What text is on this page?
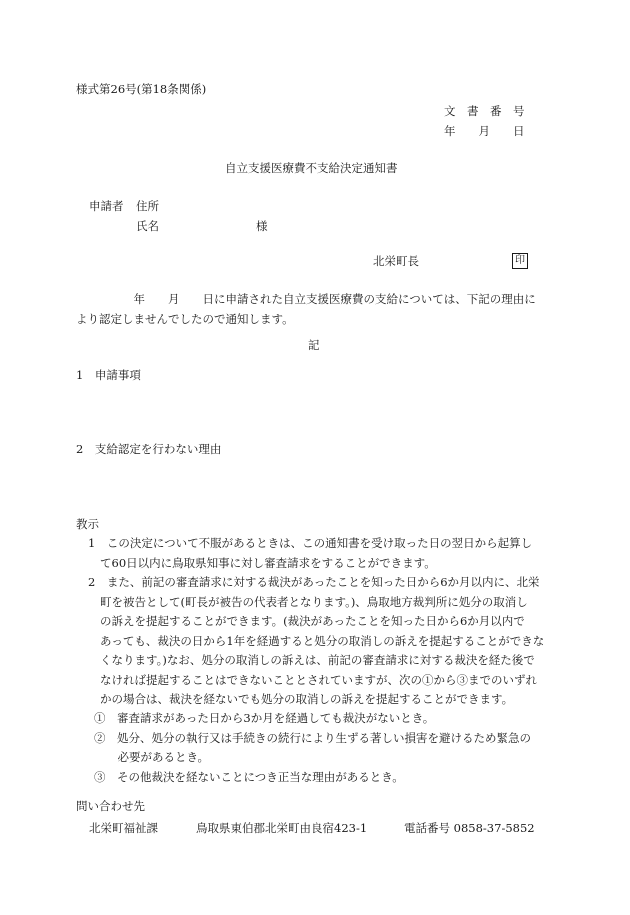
様式第26号(第18条関係)
文　書　番　号
年　　月　　日
自立支援医療費不支給決定通知書
申請者 住所
氏名	様
北栄町長	印
　　　　　年　　月　　日に申請された自立支援医療費の支給については、下記の理由に
より認定しませんでしたので通知します。
記
1　申請事項
2　支給認定を行わない理由
教示
1　この決定について不服があるときは、この通知書を受け取った日の翌日から起算し
て60日以内に鳥取県知事に対し審査請求をすることができます。
2　また、前記の審査請求に対する裁決があったことを知った日から6か月以内に、北栄
町を被告として(町長が被告の代表者となります。)、鳥取地方裁判所に処分の取消し
の訴えを提起することができます。(裁決があったことを知った日から6か月以内で
あっても、裁決の日から1年を経過すると処分の取消しの訴えを提起することができな
くなります。)なお、処分の取消しの訴えは、前記の審査請求に対する裁決を経た後で
なければ提起することはできないこととされていますが、次の①から③までのいずれ
かの場合は、裁決を経ないでも処分の取消しの訴えを提起することができます。
①　審査請求があった日から3か月を経過しても裁決がないとき。
②　処分、処分の執行又は手続きの続行により生ずる著しい損害を避けるため緊急の
　必要があるとき。
③　その他裁決を経ないことにつき正当な理由があるとき。
問い合わせ先
北栄町福祉課	鳥取県東伯郡北栄町由良宿423-1	電話番号 0858-37-5852
